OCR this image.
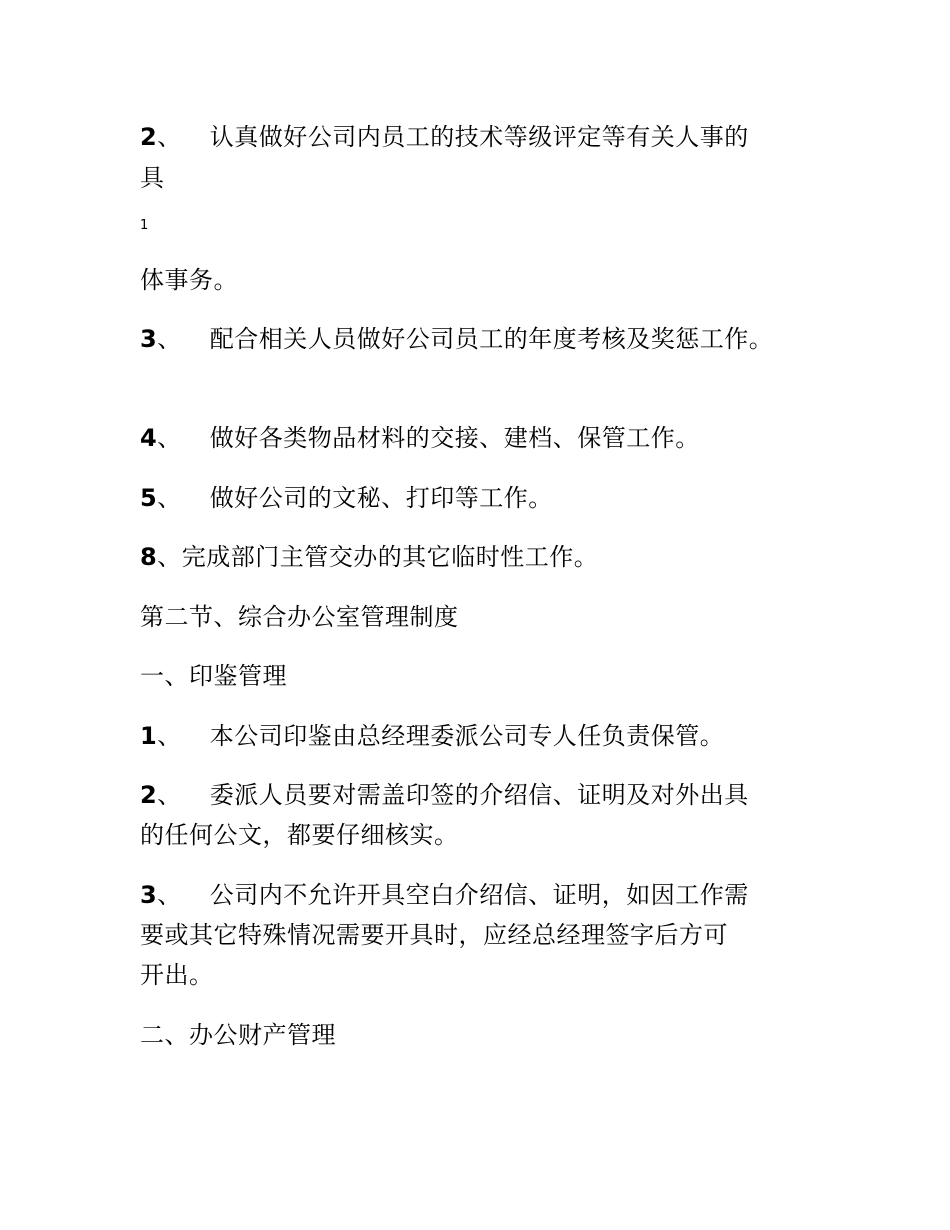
2、 认真做好公司内员工的技术等级评定等有关人事的
具
1
体事务。
3、 配合相关人员做好公司员工的年度考核及奖惩工作。
4、 做好各类物品材料的交接、建档、保管工作。
5、 做好公司的文秘、打印等工作。
8、完成部门主管交办的其它临时性工作。
第二节、综合办公室管理制度
一、印鉴管理
1、 本公司印鉴由总经理委派公司专人任负责保管。
2、 委派人员要对需盖印签的介绍信、证明及对外出具
的任何公文，都要仔细核实。
3、 公司内不允许开具空白介绍信、证明，如因工作需
要或其它特殊情况需要开具时，应经总经理签字后方可
开出。
二、办公财产管理
